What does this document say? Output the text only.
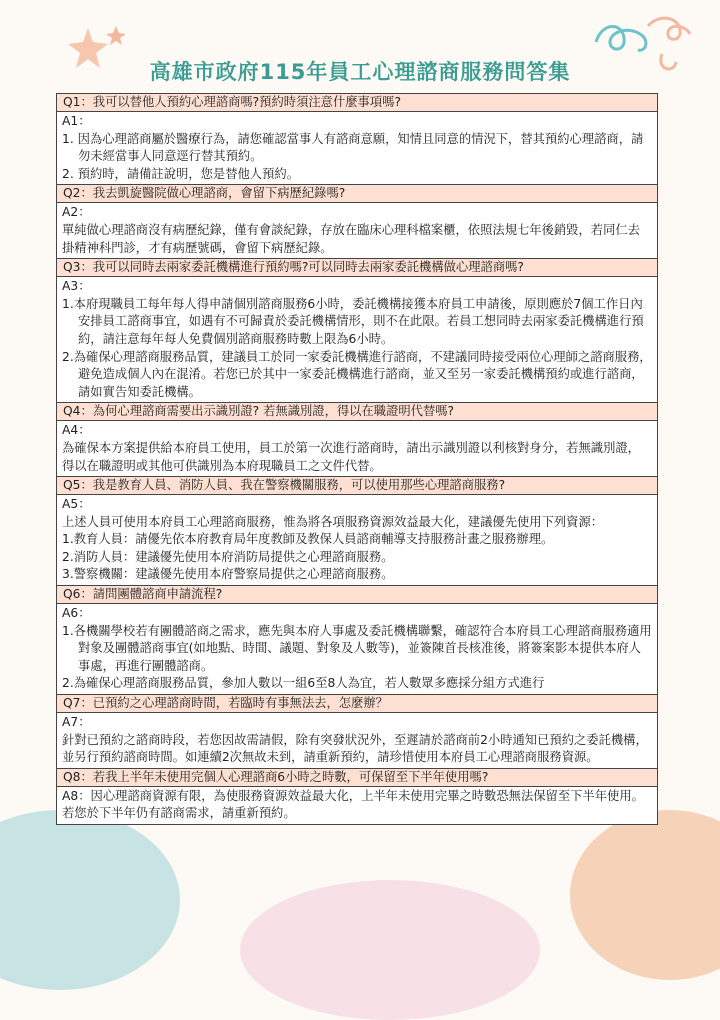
高雄市政府115年員工心理諮商服務問答集
Q1：我可以替他人預約心理諮商嗎?預約時須注意什麼事項嗎?
A1：

1. 因為心理諮商屬於醫療行為，請您確認當事人有諮商意願，知情且同意的情況下，替其預約心理諮商，請勿未經當事人同意逕行替其預約。

2. 預約時，請備註說明，您是替他人預約。

Q2：我去凱旋醫院做心理諮商，會留下病歷紀錄嗎?
A2：

單純做心理諮商沒有病歷紀錄，僅有會談紀錄，存放在臨床心理科檔案櫃，依照法規七年後銷毀，若同仁去掛精神科門診，才有病歷號碼，會留下病歷紀錄。

Q3：我可以同時去兩家委託機構進行預約嗎?可以同時去兩家委託機構做心理諮商嗎?
A3：

1.本府現職員工每年每人得申請個別諮商服務6小時，委託機構接獲本府員工申請後，原則應於7個工作日內安排員工諮商事宜，如遇有不可歸責於委託機構情形，則不在此限。若員工想同時去兩家委託機構進行預約，請注意每年每人免費個別諮商服務時數上限為6小時。

2.為確保心理諮商服務品質，建議員工於同一家委託機構進行諮商，不建議同時接受兩位心理師之諮商服務，避免造成個人內在混淆。若您已於其中一家委託機構進行諮商，並又至另一家委託機構預約或進行諮商，請如實告知委託機構。

Q4：為何心理諮商需要出示識別證? 若無識別證，得以在職證明代替嗎?
A4：

為確保本方案提供給本府員工使用，員工於第一次進行諮商時，請出示識別證以利核對身分，若無識別證，得以在職證明或其他可供識別為本府現職員工之文件代替。

Q5：我是教育人員、消防人員、我在警察機關服務，可以使用那些心理諮商服務?
A5：

上述人員可使用本府員工心理諮商服務，惟為將各項服務資源效益最大化，建議優先使用下列資源：

1.教育人員：請優先依本府教育局年度教師及教保人員諮商輔導支持服務計畫之服務辦理。

2.消防人員：建議優先使用本府消防局提供之心理諮商服務。

3.警察機關：建議優先使用本府警察局提供之心理諮商服務。

Q6：請問團體諮商申請流程?
A6：

1.各機關學校若有團體諮商之需求，應先與本府人事處及委託機構聯繫，確認符合本府員工心理諮商服務適用對象及團體諮商事宜(如地點、時間、議題、對象及人數等)，並簽陳首長核准後，將簽案影本提供本府人事處，再進行團體諮商。

2.為確保心理諮商服務品質，參加人數以一組6至8人為宜，若人數眾多應採分組方式進行

Q7：已預約之心理諮商時間，若臨時有事無法去，怎麼辦？
A7：

針對已預約之諮商時段，若您因故需請假，除有突發狀況外，至遲請於諮商前2小時通知已預約之委託機構，並另行預約諮商時間。如連續2次無故未到，請重新預約，請珍惜使用本府員工心理諮商服務資源。

Q8：若我上半年未使用完個人心理諮商6小時之時數，可保留至下半年使用嗎?

A8：因心理諮商資源有限，為使服務資源效益最大化，上半年未使用完畢之時數恐無法保留至下半年使用。若您於下半年仍有諮商需求，請重新預約。
